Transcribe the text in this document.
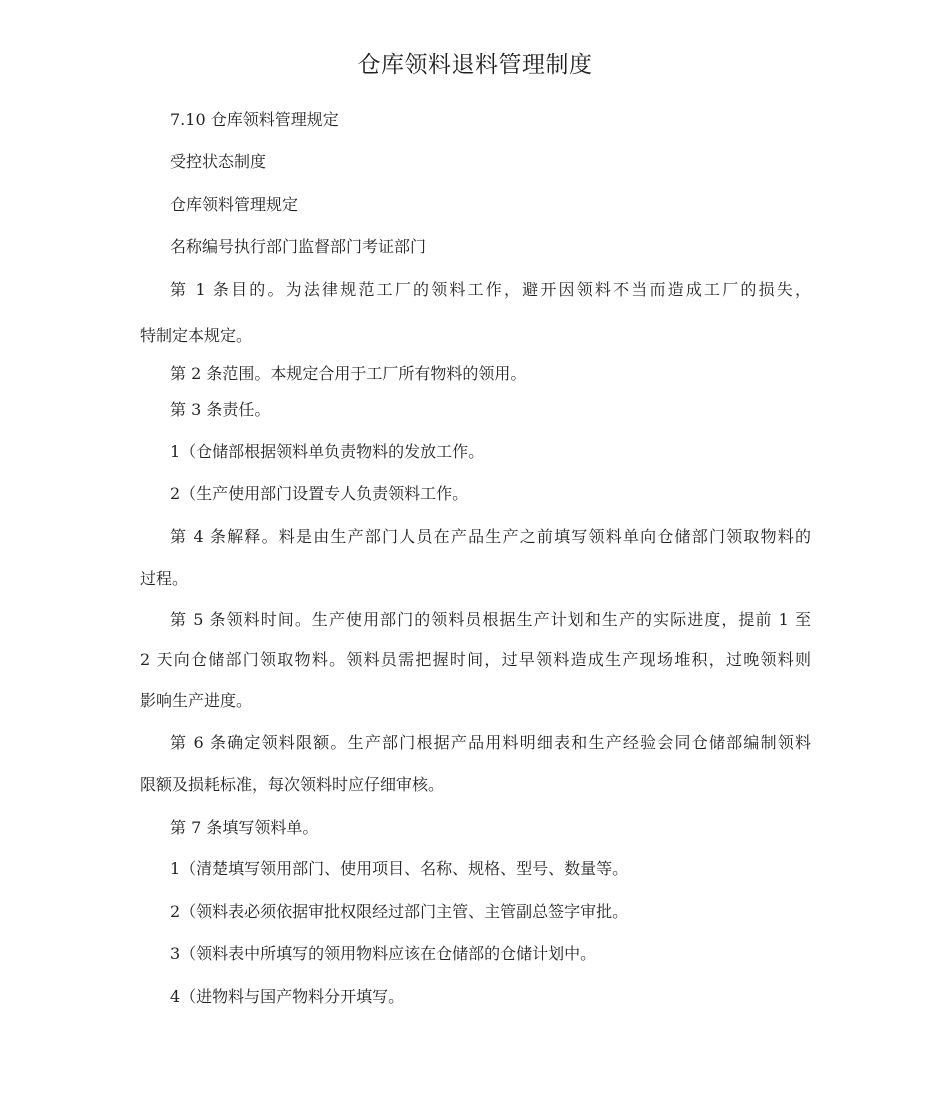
仓库领料退料管理制度
7.10 仓库领料管理规定
受控状态制度
仓库领料管理规定
名称编号执行部门监督部门考证部门
第 1 条目的。为法律规范工厂的领料工作，避开因领料不当而造成工厂的损失，
特制定本规定。
第 2 条范围。本规定合用于工厂所有物料的领用。
第 3 条责任。
1（仓储部根据领料单负责物料的发放工作。
2（生产使用部门设置专人负责领料工作。
第 4 条解释。料是由生产部门人员在产品生产之前填写领料单向仓储部门领取物料的
过程。
第 5 条领料时间。生产使用部门的领料员根据生产计划和生产的实际进度，提前 1 至
2 天向仓储部门领取物料。领料员需把握时间，过早领料造成生产现场堆积，过晚领料则
影响生产进度。
第 6 条确定领料限额。生产部门根据产品用料明细表和生产经验会同仓储部编制领料
限额及损耗标准，每次领料时应仔细审核。
第 7 条填写领料单。
1（清楚填写领用部门、使用项目、名称、规格、型号、数量等。
2（领料表必须依据审批权限经过部门主管、主管副总签字审批。
3（领料表中所填写的领用物料应该在仓储部的仓储计划中。
4（进物料与国产物料分开填写。
